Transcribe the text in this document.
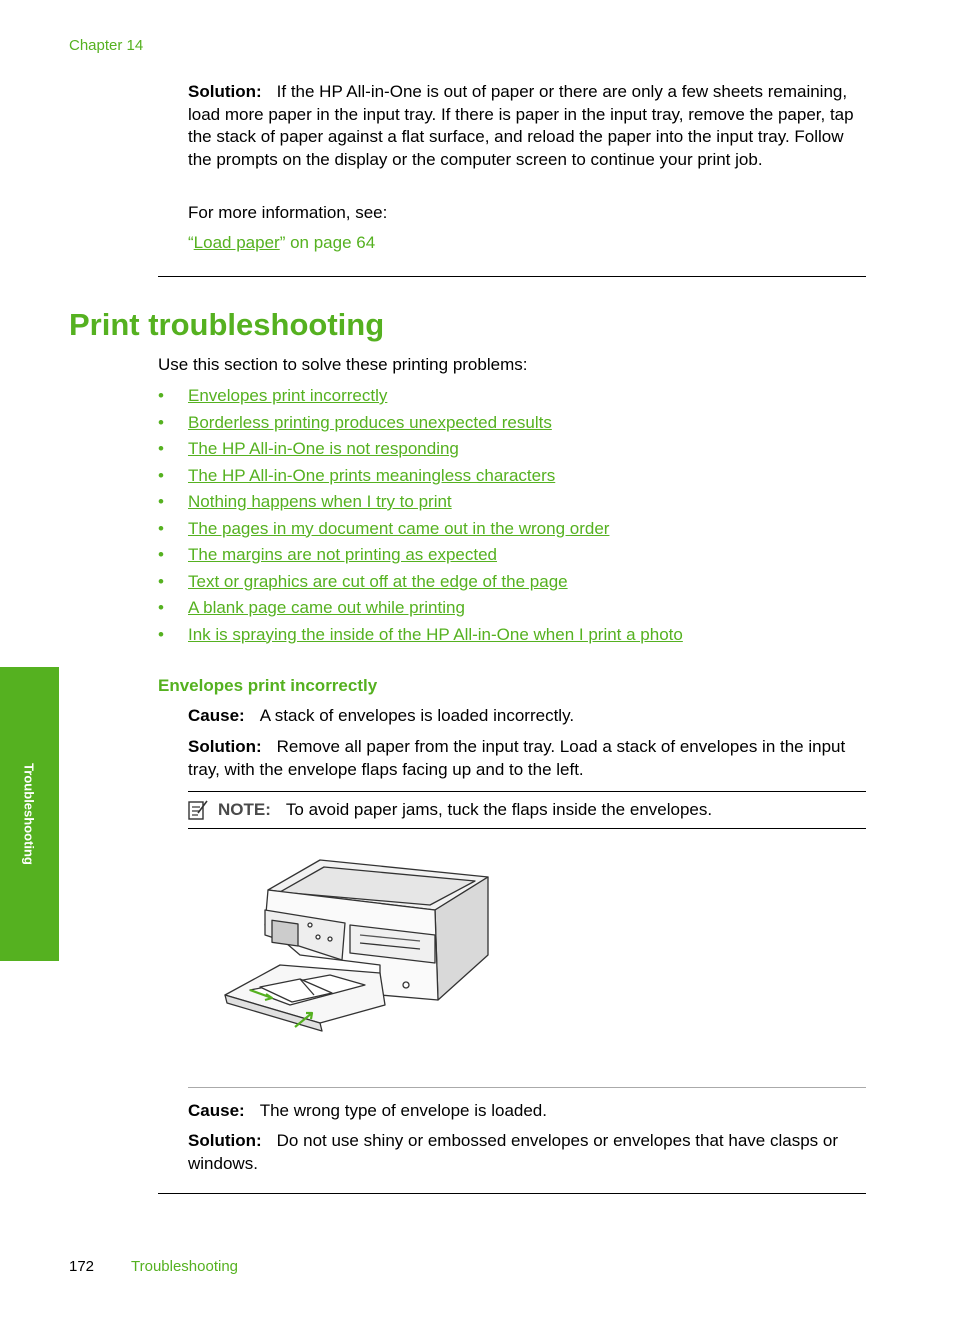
Chapter 14
Solution: If the HP All-in-One is out of paper or there are only a few sheets remaining, load more paper in the input tray. If there is paper in the input tray, remove the paper, tap the stack of paper against a flat surface, and reload the paper into the input tray. Follow the prompts on the display or the computer screen to continue your print job.
For more information, see:
“Load paper” on page 64
Print troubleshooting
Use this section to solve these printing problems:
• Envelopes print incorrectly
• Borderless printing produces unexpected results
• The HP All-in-One is not responding
• The HP All-in-One prints meaningless characters
• Nothing happens when I try to print
• The pages in my document came out in the wrong order
• The margins are not printing as expected
• Text or graphics are cut off at the edge of the page
• A blank page came out while printing
• Ink is spraying the inside of the HP All-in-One when I print a photo
Envelopes print incorrectly
Cause: A stack of envelopes is loaded incorrectly.
Solution: Remove all paper from the input tray. Load a stack of envelopes in the input tray, with the envelope flaps facing up and to the left.
NOTE: To avoid paper jams, tuck the flaps inside the envelopes.
Cause: The wrong type of envelope is loaded.
Solution: Do not use shiny or embossed envelopes or envelopes that have clasps or windows.
Troubleshooting
172 Troubleshooting
